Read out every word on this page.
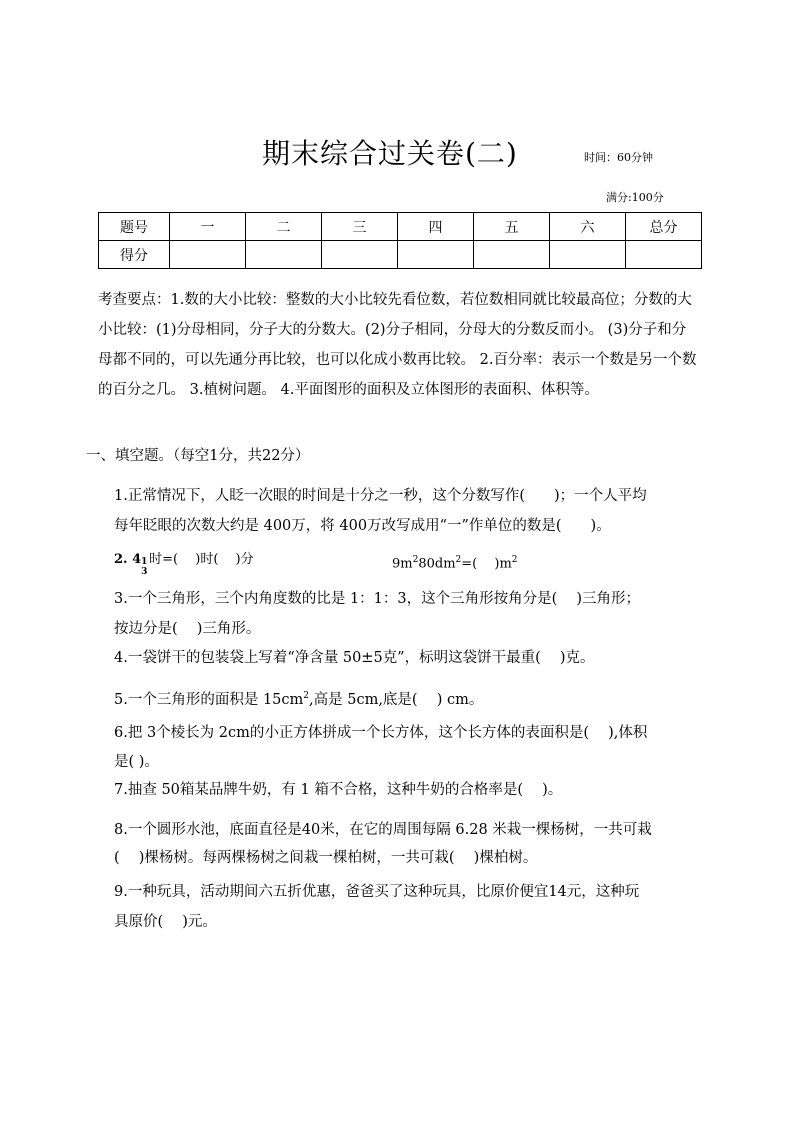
期末综合过关卷(二)	时间：60分钟
满分:100分
题号	一	二	三	四	五	六	总分
得分							
考查要点：1.数的大小比较：整数的大小比较先看位数，若位数相同就比较最高位；分数的大小比较：(1)分母相同，分子大的分数大。(2)分子相同，分母大的分数反而小。 (3)分子和分母都不同的，可以先通分再比较，也可以化成小数再比较。 2.百分率：表示一个数是另一个数的百分之几。 3.植树问题。 4.平面图形的面积及立体图形的表面积、体积等。
一、填空题。（每空1分，共22分）
1.正常情况下，人眨一次眼的时间是十分之一秒，这个分数写作(　　)；一个人平均
每年眨眼的次数大约是 400万，将 400万改写成用“一”作单位的数是(　　)。
2. 4 1
3
时=(　 )时(　 )分	$9m^280dm^2=$(　 )$m^2$
3.一个三角形，三个内角度数的比是 1：1：3，这个三角形按角分是(　 )三角形；
按边分是(　 )三角形。
4.一袋饼干的包装袋上写着“净含量 50±5克”，标明这袋饼干最重(　 )克。
5.一个三角形的面积是 $15cm^2$,高是 5cm,底是(　 ) cm。
6.把 3个棱长为 2cm的小正方体拼成一个长方体，这个长方体的表面积是(　 ),体积
是( )。
7.抽查 50箱某品牌牛奶，有 1 箱不合格，这种牛奶的合格率是(　 )。
8.一个圆形水池，底面直径是40米，在它的周围每隔 6.28 米栽一棵杨树，一共可栽
(　 )棵杨树。每两棵杨树之间栽一棵柏树，一共可栽(　 )棵柏树。
9.一种玩具，活动期间六五折优惠，爸爸买了这种玩具，比原价便宜14元，这种玩
具原价(　 )元。
